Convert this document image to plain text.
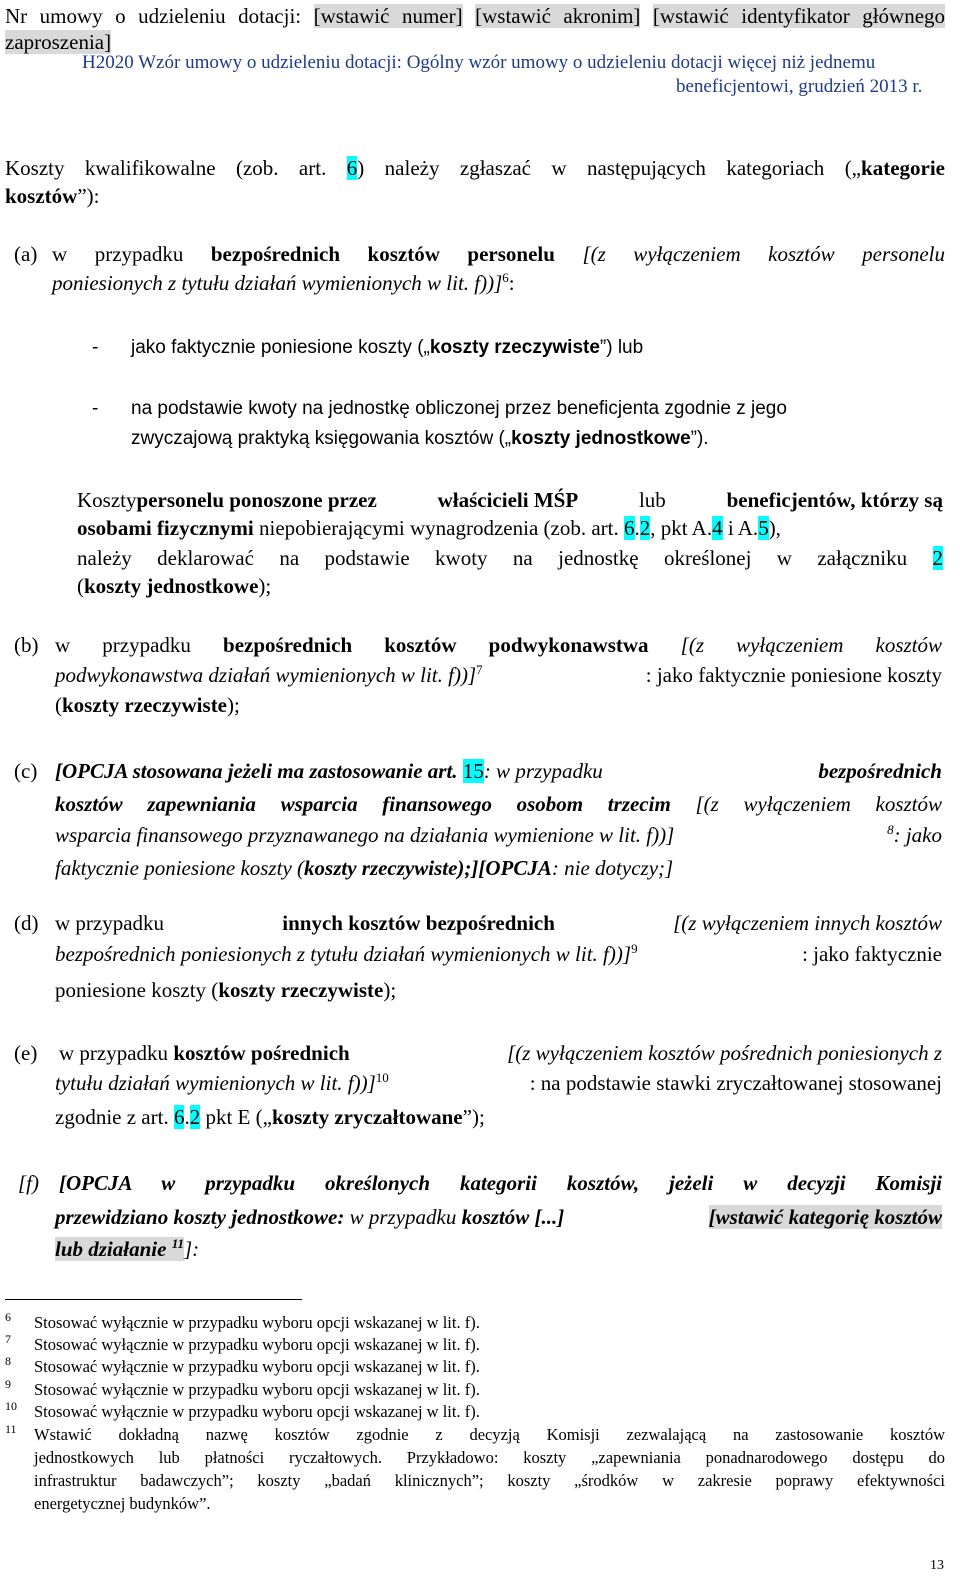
Nr umowy o udzieleniu dotacji: [wstawić numer] [wstawić akronim] [wstawić identyfikator głównego
zaproszenia]
H2020 Wzór umowy o udzieleniu dotacji: Ogólny wzór umowy o udzieleniu dotacji więcej niż jednemu
beneficjentowi, grudzień 2013 r.
Koszty kwalifikowalne (zob. art. 6) należy zgłaszać w następujących kategoriach („kategorie
kosztów”):
(a) w przypadku bezpośrednich kosztów personelu [(z wyłączeniem kosztów personelu
poniesionych z tytułu działań wymienionych w lit. f))]$^6$:
- jako faktycznie poniesione koszty („koszty rzeczywiste”) lub
- na podstawie kwoty na jednostkę obliczonej przez beneficjenta zgodnie z jego
zwyczajową praktyką księgowania kosztów („koszty jednostkowe”).
Kosztypersonelu ponoszone przez	właścicieli MŚP	lub	beneficjentów, którzy są
osobami fizycznymi niepobierającymi wynagrodzenia (zob. art. 6.2, pkt A.4 i A.5),
należy deklarować na podstawie kwoty na jednostkę określonej w załączniku 2
(koszty jednostkowe);
(b) w przypadku bezpośrednich kosztów podwykonawstwa [(z wyłączeniem kosztów
podwykonawstwa działań wymienionych w lit. f))]$^7$	: jako faktycznie poniesione koszty
(koszty rzeczywiste);
(c) [OPCJA stosowana jeżeli ma zastosowanie art. 15: w przypadku	bezpośrednich
kosztów zapewniania wsparcia finansowego osobom trzecim [(z wyłączeniem kosztów
wsparcia finansowego przyznawanego na działania wymienione w lit. f))]	$^8$: jako
faktycznie poniesione koszty (koszty rzeczywiste);][OPCJA: nie dotyczy;]
(d) w przypadku	innych kosztów bezpośrednich	[(z wyłączeniem innych kosztów
bezpośrednich poniesionych z tytułu działań wymienionych w lit. f))]$^9$	: jako faktycznie
poniesione koszty (koszty rzeczywiste);
(e) w przypadku kosztów pośrednich	[(z wyłączeniem kosztów pośrednich poniesionych z
tytułu działań wymienionych w lit. f))]$^{10}$	: na podstawie stawki zryczałtowanej stosowanej
zgodnie z art. 6.2 pkt E („koszty zryczałtowane”);
[f) [OPCJA w przypadku określonych kategorii kosztów, jeżeli w decyzji Komisji
przewidziano koszty jednostkowe: w przypadku kosztów [...]	[wstawić kategorię kosztów
lub działanie $^{11}$]:
6 Stosować wyłącznie w przypadku wyboru opcji wskazanej w lit. f).
7 Stosować wyłącznie w przypadku wyboru opcji wskazanej w lit. f).
8 Stosować wyłącznie w przypadku wyboru opcji wskazanej w lit. f).
9 Stosować wyłącznie w przypadku wyboru opcji wskazanej w lit. f).
10 Stosować wyłącznie w przypadku wyboru opcji wskazanej w lit. f).
11 Wstawić dokładną nazwę kosztów zgodnie z decyzją Komisji zezwalającą na zastosowanie kosztów
jednostkowych lub płatności ryczałtowych. Przykładowo: koszty „zapewniania ponadnarodowego dostępu do
infrastruktur badawczych”; koszty „badań klinicznych”; koszty „środków w zakresie poprawy efektywności
energetycznej budynków”.
13
